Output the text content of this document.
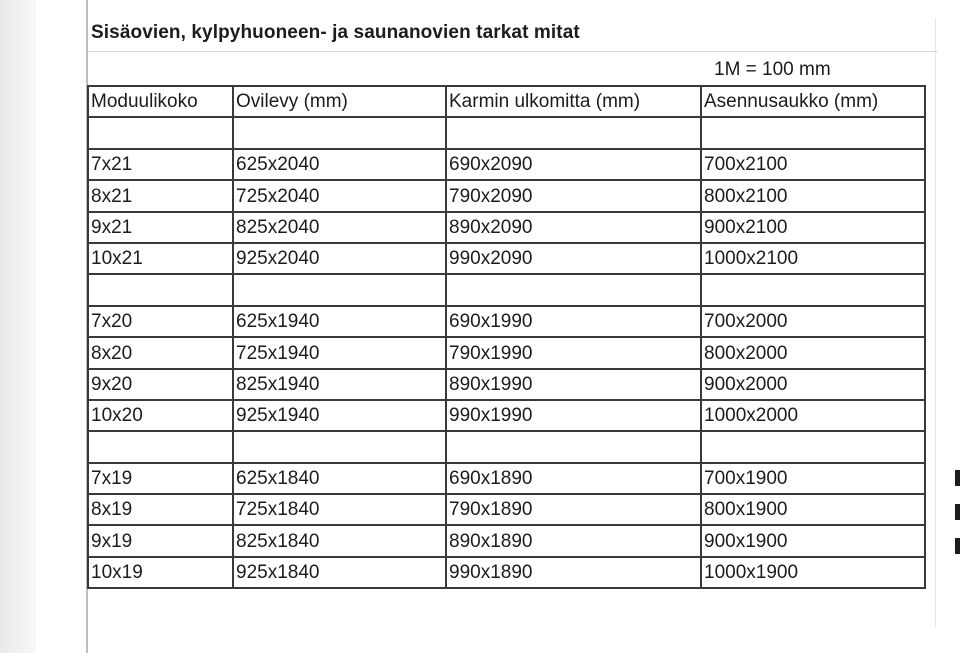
Sisäovien, kylpyhuoneen- ja saunanovien tarkat mitat
1M = 100 mm
Moduulikoko	Ovilevy (mm)	Karmin ulkomitta (mm)	Asennusaukko (mm)

7x21	625x2040	690x2090	700x2100
8x21	725x2040	790x2090	800x2100
9x21	825x2040	890x2090	900x2100
10x21	925x2040	990x2090	1000x2100

7x20	625x1940	690x1990	700x2000
8x20	725x1940	790x1990	800x2000
9x20	825x1940	890x1990	900x2000
10x20	925x1940	990x1990	1000x2000

7x19	625x1840	690x1890	700x1900
8x19	725x1840	790x1890	800x1900
9x19	825x1840	890x1890	900x1900
10x19	925x1840	990x1890	1000x1900
